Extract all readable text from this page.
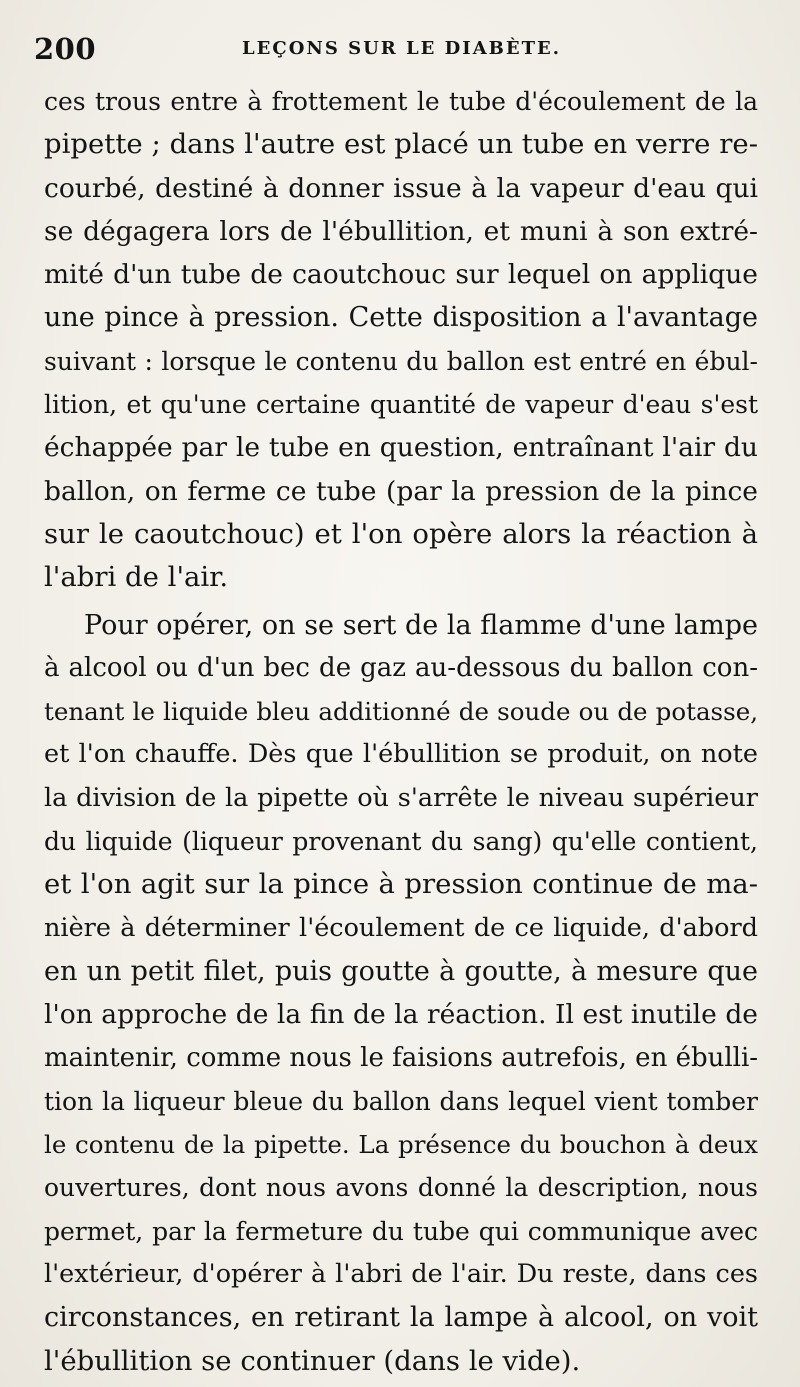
200	LEÇONS SUR LE DIABÈTE.
ces trous entre à frottement le tube d'écoulement de la
pipette ; dans l'autre est placé un tube en verre re-
courbé, destiné à donner issue à la vapeur d'eau qui
se dégagera lors de l'ébullition, et muni à son extré-
mité d'un tube de caoutchouc sur lequel on applique
une pince à pression. Cette disposition a l'avantage
suivant : lorsque le contenu du ballon est entré en ébul-
lition, et qu'une certaine quantité de vapeur d'eau s'est
échappée par le tube en question, entraînant l'air du
ballon, on ferme ce tube (par la pression de la pince
sur le caoutchouc) et l'on opère alors la réaction à
l'abri de l'air.
Pour opérer, on se sert de la flamme d'une lampe
à alcool ou d'un bec de gaz au-dessous du ballon con-
tenant le liquide bleu additionné de soude ou de potasse,
et l'on chauffe. Dès que l'ébullition se produit, on note
la division de la pipette où s'arrête le niveau supérieur
du liquide (liqueur provenant du sang) qu'elle contient,
et l'on agit sur la pince à pression continue de ma-
nière à déterminer l'écoulement de ce liquide, d'abord
en un petit filet, puis goutte à goutte, à mesure que
l'on approche de la fin de la réaction. Il est inutile de
maintenir, comme nous le faisions autrefois, en ébulli-
tion la liqueur bleue du ballon dans lequel vient tomber
le contenu de la pipette. La présence du bouchon à deux
ouvertures, dont nous avons donné la description, nous
permet, par la fermeture du tube qui communique avec
l'extérieur, d'opérer à l'abri de l'air. Du reste, dans ces
circonstances, en retirant la lampe à alcool, on voit
l'ébullition se continuer (dans le vide).
